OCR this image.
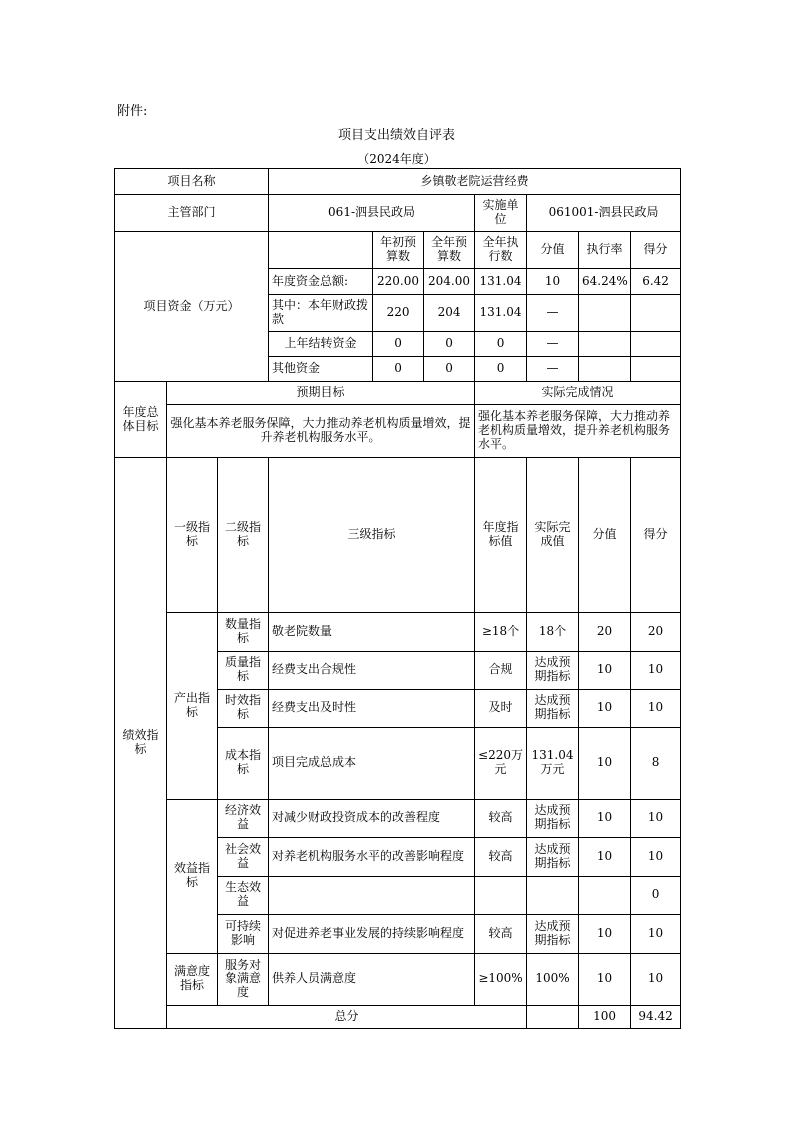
附件:
项目支出绩效自评表
（2024年度）
项目名称			乡镇敬老院运营经费							
主管部门			061-泗县民政局			实施单位	061001-泗县民政局			
项目资金（万元）				年初预算数	全年预算数	全年执行数	分值	执行率	得分	
			年度资金总额:	220.00	204.00	131.04	10	64.24%	6.42	
			其中：本年财政拨款	220	204	131.04	—			
			上年结转资金	0	0	0	—			
			其他资金	0	0	0	—			
年度总体目标	预期目标					实际完成情况				
	强化基本养老服务保障，大力推动养老机构质量增效，提升养老机构服务水平。					强化基本养老服务保障，大力推动养老机构质量增效，提升养老机构服务水平。				
绩效指标	一级指标	二级指标	三级指标			年度指标值	实际完成值	分值	得分	
	产出指标	数量指标	敬老院数量			≥18个	18个	20	20	
		质量指标	经费支出合规性			合规	达成预期指标	10	10	
		时效指标	经费支出及时性			及时	达成预期指标	10	10	
		成本指标	项目完成总成本			≤220万元	131.04万元	10	8	
	效益指标	经济效益	对减少财政投资成本的改善程度			较高	达成预期指标	10	10	
		社会效益	对养老机构服务水平的改善影响程度			较高	达成预期指标	10	10	
		生态效益							0	
		可持续影响	对促进养老事业发展的持续影响程度			较高	达成预期指标	10	10	
	满意度指标	服务对象满意度	供养人员满意度			≥100%	100%	10	10	
	总分							100	94.42	
